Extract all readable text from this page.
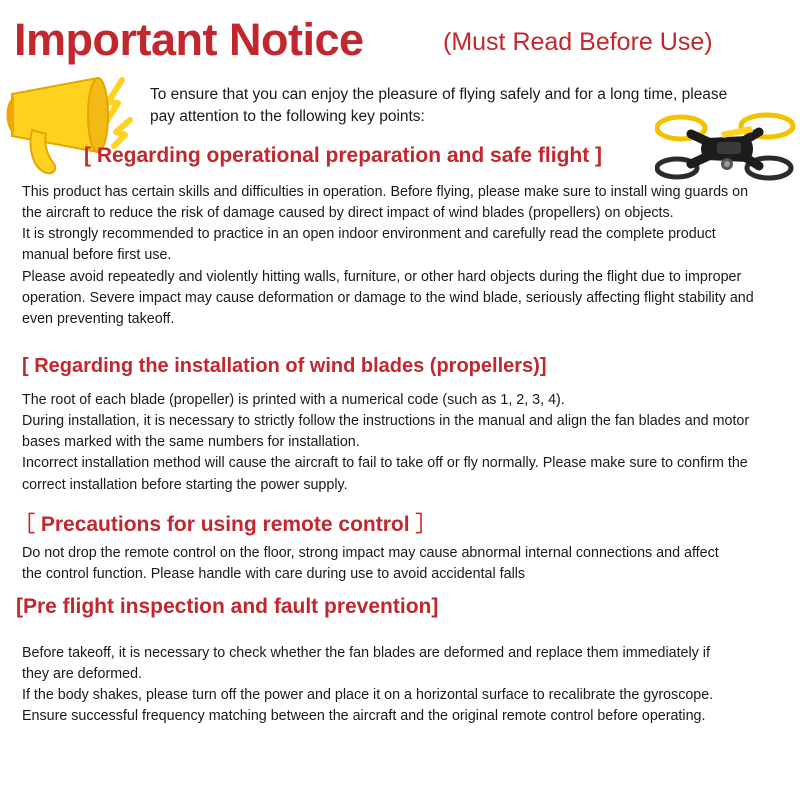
Important Notice	(Must Read Before Use)
To ensure that you can enjoy the pleasure of flying safely and for a long time, please pay attention to the following key points:
[ Regarding operational preparation and safe flight ]

This product has certain skills and difficulties in operation. Before flying, please make sure to install wing guards on the aircraft to reduce the risk of damage caused by direct impact of wind blades (propellers) on objects.

It is strongly recommended to practice in an open indoor environment and carefully read the complete product manual before first use.

Please avoid repeatedly and violently hitting walls, furniture, or other hard objects during the flight due to improper operation. Severe impact may cause deformation or damage to the wind blade, seriously affecting flight stability and even preventing takeoff.

[ Regarding the installation of wind blades (propellers)]

The root of each blade (propeller) is printed with a numerical code (such as 1, 2, 3, 4).

During installation, it is necessary to strictly follow the instructions in the manual and align the fan blades and motor bases marked with the same numbers for installation.

Incorrect installation method will cause the aircraft to fail to take off or fly normally. Please make sure to confirm the correct installation before starting the power supply.

［ Precautions for using remote control ］

Do not drop the remote control on the floor, strong impact may cause abnormal internal connections and affect the control function. Please handle with care during use to avoid accidental falls

[Pre flight inspection and fault prevention]

Before takeoff, it is necessary to check whether the fan blades are deformed and replace them immediately if they are deformed.

If the body shakes, please turn off the power and place it on a horizontal surface to recalibrate the gyroscope.

Ensure successful frequency matching between the aircraft and the original remote control before operating.
